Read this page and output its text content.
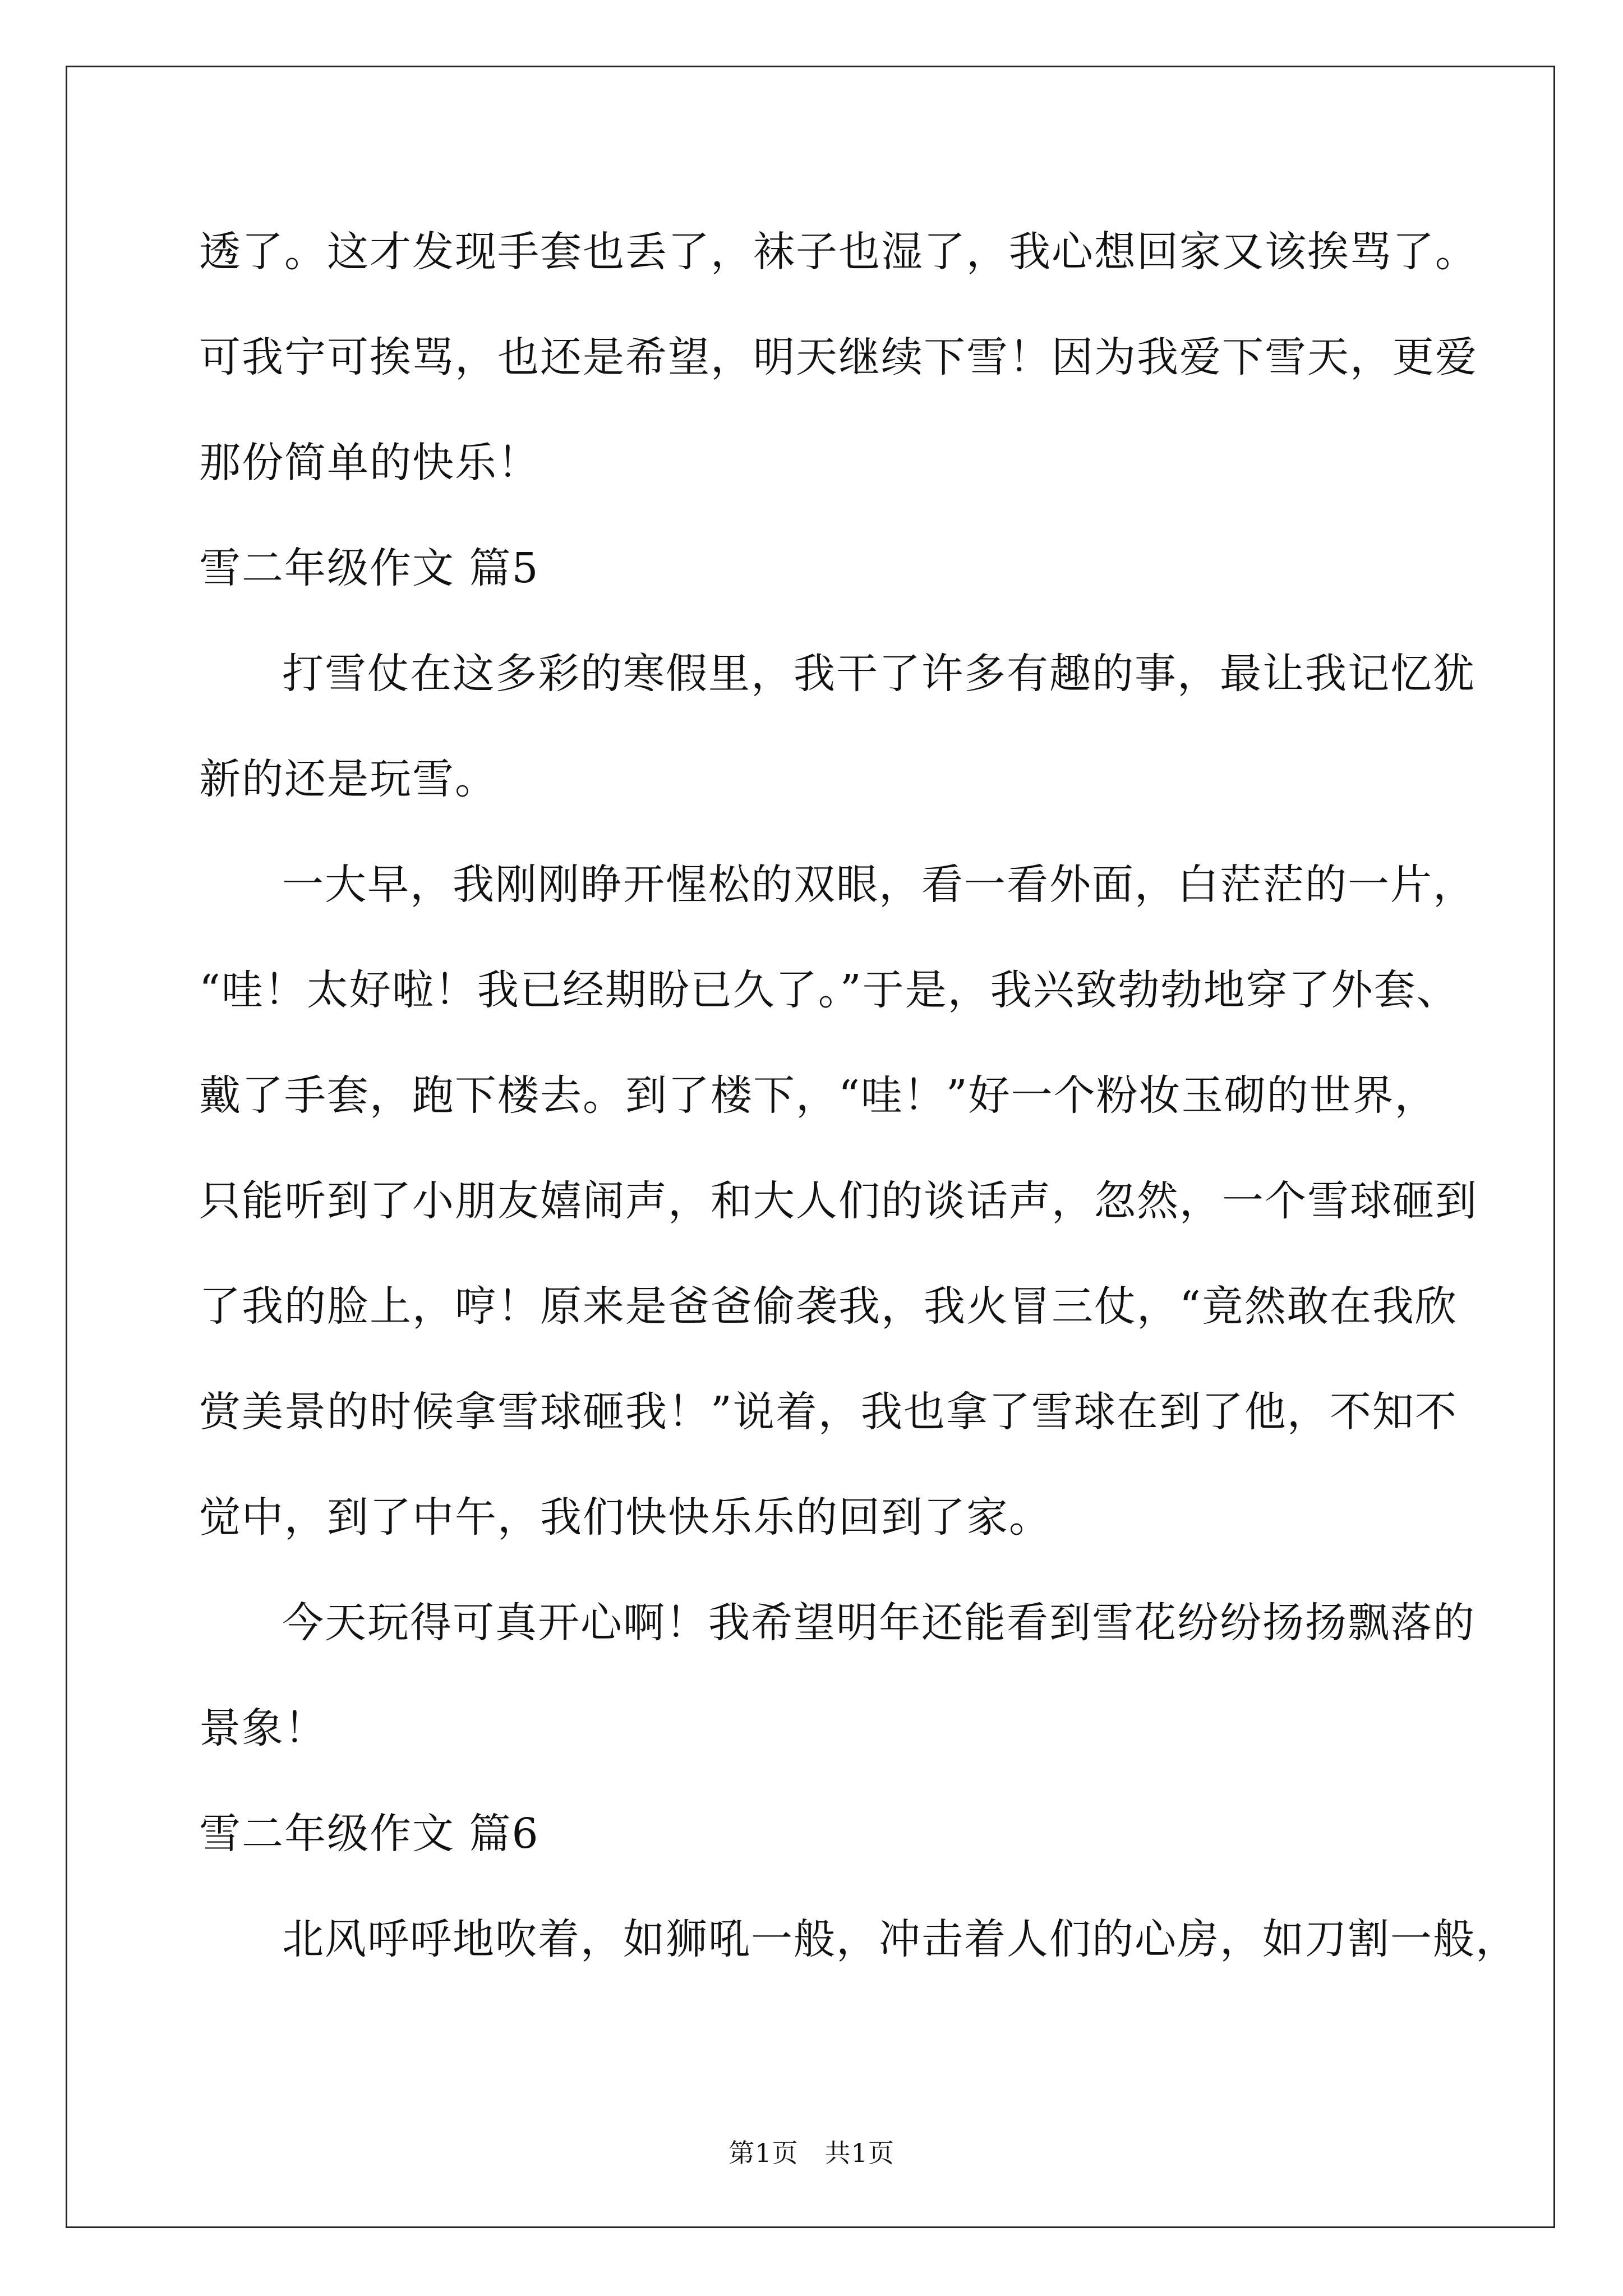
透了。这才发现手套也丢了，袜子也湿了，我心想回家又该挨骂了。
可我宁可挨骂，也还是希望，明天继续下雪！因为我爱下雪天，更爱
那份简单的快乐！
雪二年级作文 篇5
打雪仗在这多彩的寒假里，我干了许多有趣的事，最让我记忆犹
新的还是玩雪。
一大早，我刚刚睁开惺松的双眼，看一看外面，白茫茫的一片，
“哇！太好啦！我已经期盼已久了。”于是，我兴致勃勃地穿了外套、
戴了手套，跑下楼去。到了楼下，“哇！”好一个粉妆玉砌的世界，
只能听到了小朋友嬉闹声，和大人们的谈话声，忽然，一个雪球砸到
了我的脸上，哼！原来是爸爸偷袭我，我火冒三仗，“竟然敢在我欣
赏美景的时候拿雪球砸我！”说着，我也拿了雪球在到了他，不知不
觉中，到了中午，我们快快乐乐的回到了家。
今天玩得可真开心啊！我希望明年还能看到雪花纷纷扬扬飘落的
景象！
雪二年级作文 篇6
北风呼呼地吹着，如狮吼一般，冲击着人们的心房，如刀割一般，
第1页　共1页
